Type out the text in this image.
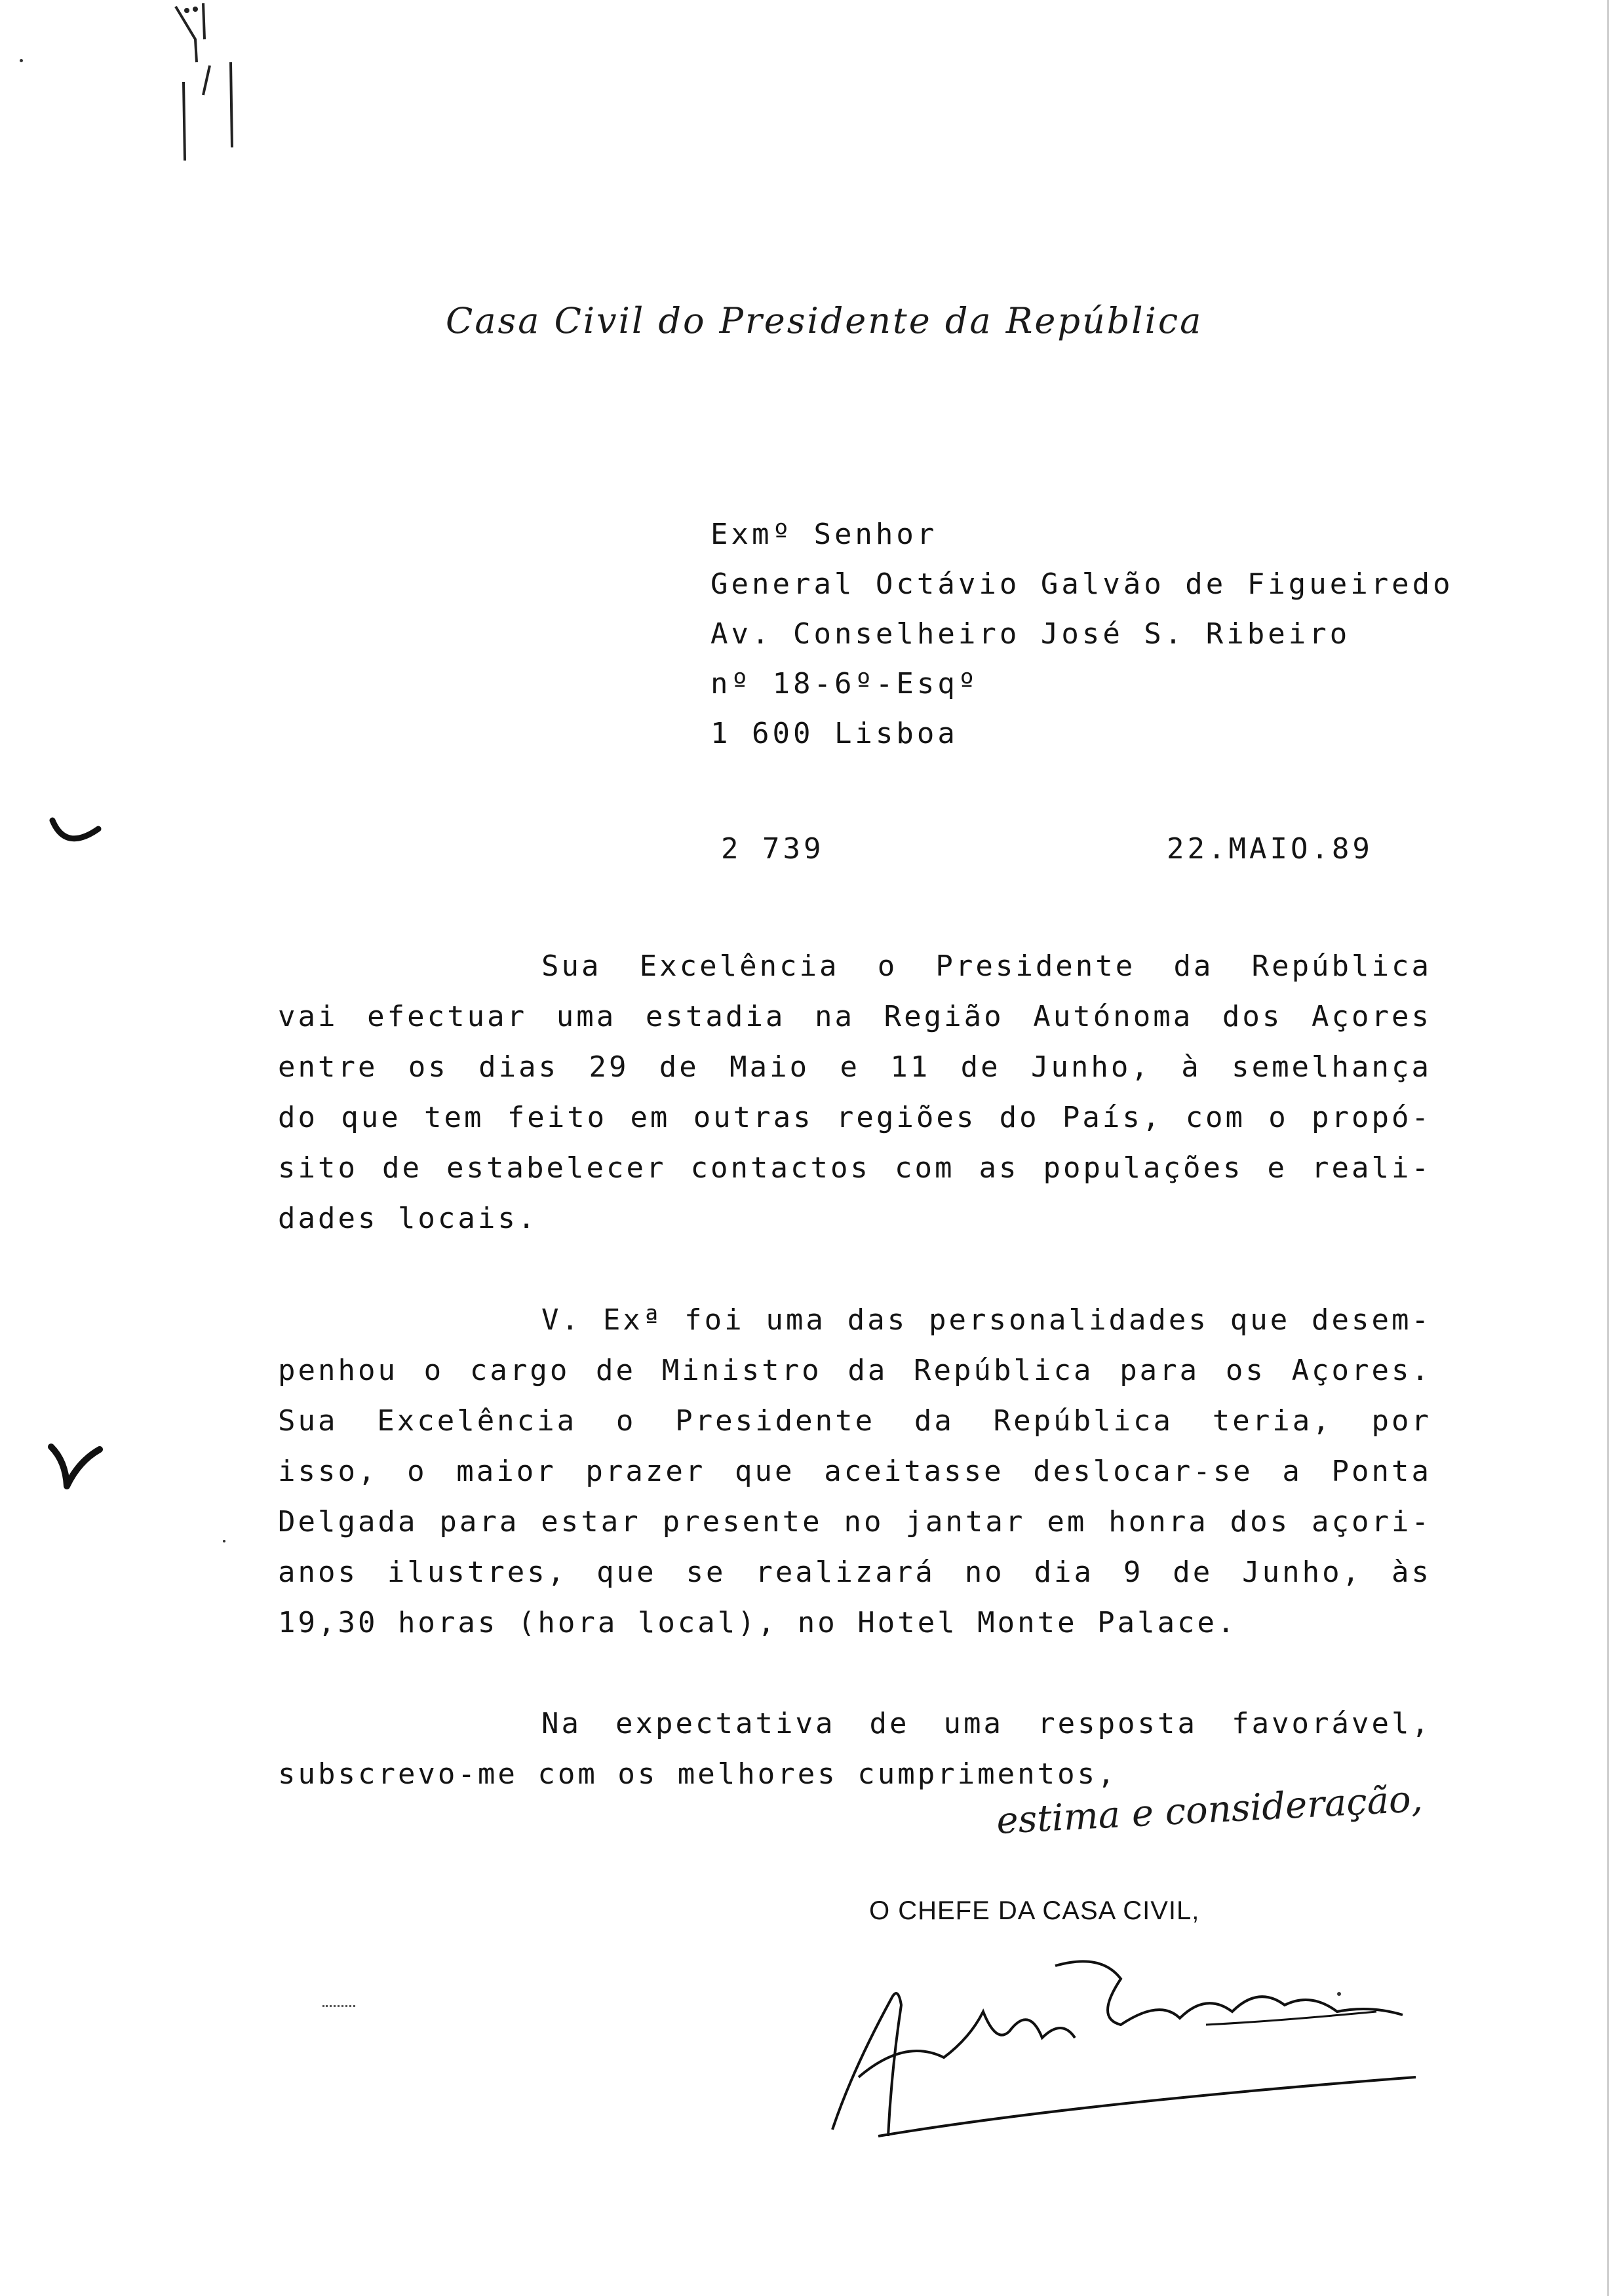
Casa Civil do Presidente da República
Exmº Senhor
General Octávio Galvão de Figueiredo
Av. Conselheiro José S. Ribeiro
nº 18-6º-Esqº
1 600 Lisboa
2 739	22.MAIO.89
Sua Excelência o Presidente da República
vai efectuar uma estadia na Região Autónoma dos Açores
entre os dias 29 de Maio e 11 de Junho, à semelhança
do que tem feito em outras regiões do País, com o propó-
sito de estabelecer contactos com as populações e reali-
dades locais.
V. Exª foi uma das personalidades que desem-
penhou o cargo de Ministro da República para os Açores.
Sua Excelência o Presidente da República teria, por
isso, o maior prazer que aceitasse deslocar-se a Ponta
Delgada para estar presente no jantar em honra dos açori-
anos ilustres, que se realizará no dia 9 de Junho, às
19,30 horas (hora local), no Hotel Monte Palace.
Na expectativa de uma resposta favorável,
subscrevo-me com os melhores cumprimentos,
estima e consideração,
O CHEFE DA CASA CIVIL,
